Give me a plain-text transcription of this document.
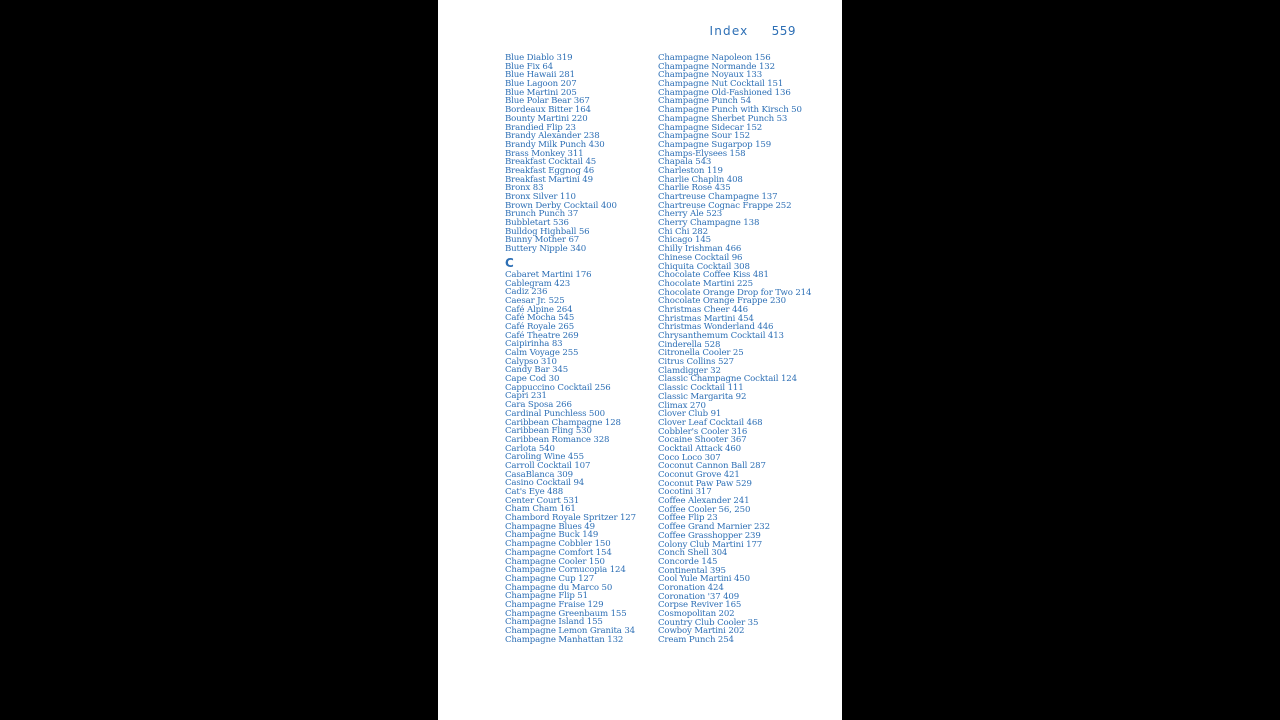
Index 559
Blue Diablo 319
Blue Fix 64
Blue Hawaii 281
Blue Lagoon 207
Blue Martini 205
Blue Polar Bear 367
Bordeaux Bitter 164
Bounty Martini 220
Brandied Flip 23
Brandy Alexander 238
Brandy Milk Punch 430
Brass Monkey 311
Breakfast Cocktail 45
Breakfast Eggnog 46
Breakfast Martini 49
Bronx 83
Bronx Silver 110
Brown Derby Cocktail 400
Brunch Punch 37
Bubbletart 536
Bulldog Highball 56
Bunny Mother 67
Buttery Nipple 340
C
Cabaret Martini 176
Cablegram 423
Cadiz 236
Caesar Jr. 525
Café Alpine 264
Café Mocha 545
Café Royale 265
Café Theatre 269
Caipirinha 83
Calm Voyage 255
Calypso 310
Candy Bar 345
Cape Cod 30
Cappuccino Cocktail 256
Capri 231
Cara Sposa 266
Cardinal Punchless 500
Caribbean Champagne 128
Caribbean Fling 530
Caribbean Romance 328
Carlota 540
Caroling Wine 455
Carroll Cocktail 107
CasaBlanca 309
Casino Cocktail 94
Cat's Eye 488
Center Court 531
Cham Cham 161
Chambord Royale Spritzer 127
Champagne Blues 49
Champagne Buck 149
Champagne Cobbler 150
Champagne Comfort 154
Champagne Cooler 150
Champagne Cornucopia 124
Champagne Cup 127
Champagne du Marco 50
Champagne Flip 51
Champagne Fraise 129
Champagne Greenbaum 155
Champagne Island 155
Champagne Lemon Granita 34
Champagne Manhattan 132
Champagne Napoleon 156
Champagne Normande 132
Champagne Noyaux 133
Champagne Nut Cocktail 151
Champagne Old-Fashioned 136
Champagne Punch 54
Champagne Punch with Kirsch 50
Champagne Sherbet Punch 53
Champagne Sidecar 152
Champagne Sour 152
Champagne Sugarpop 159
Champs-Elysees 158
Chapala 543
Charleston 119
Charlie Chaplin 408
Charlie Rose 435
Chartreuse Champagne 137
Chartreuse Cognac Frappe 252
Cherry Ale 523
Cherry Champagne 138
Chi Chi 282
Chicago 145
Chilly Irishman 466
Chinese Cocktail 96
Chiquita Cocktail 308
Chocolate Coffee Kiss 481
Chocolate Martini 225
Chocolate Orange Drop for Two 214
Chocolate Orange Frappe 230
Christmas Cheer 446
Christmas Martini 454
Christmas Wonderland 446
Chrysanthemum Cocktail 413
Cinderella 528
Citronella Cooler 25
Citrus Collins 527
Clamdigger 32
Classic Champagne Cocktail 124
Classic Cocktail 111
Classic Margarita 92
Climax 270
Clover Club 91
Clover Leaf Cocktail 468
Cobbler's Cooler 316
Cocaine Shooter 367
Cocktail Attack 460
Coco Loco 307
Coconut Cannon Ball 287
Coconut Grove 421
Coconut Paw Paw 529
Cocotini 317
Coffee Alexander 241
Coffee Cooler 56, 250
Coffee Flip 23
Coffee Grand Marnier 232
Coffee Grasshopper 239
Colony Club Martini 177
Conch Shell 304
Concorde 145
Continental 395
Cool Yule Martini 450
Coronation 424
Coronation '37 409
Corpse Reviver 165
Cosmopolitan 202
Country Club Cooler 35
Cowboy Martini 202
Cream Punch 254
